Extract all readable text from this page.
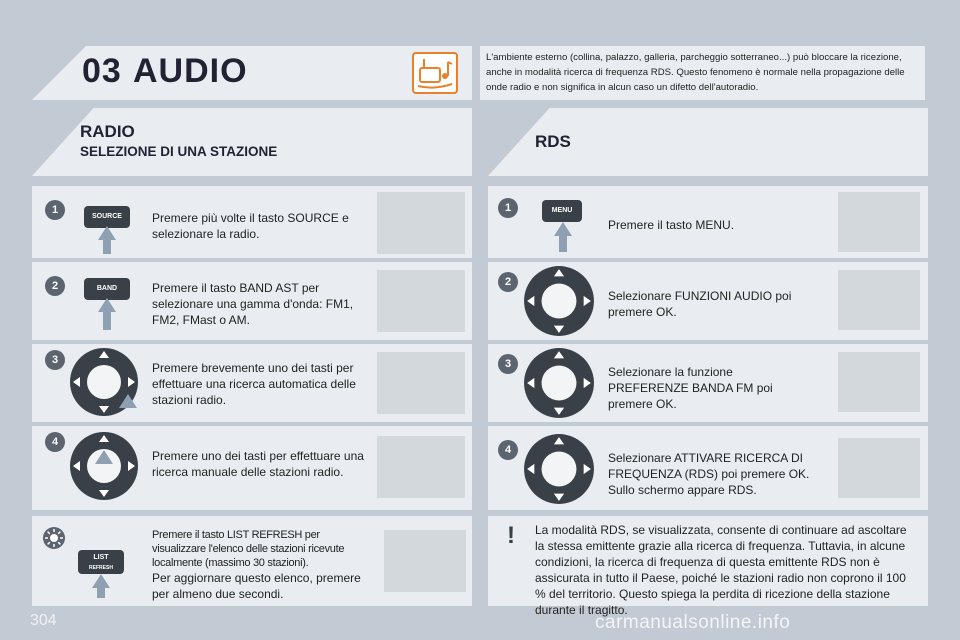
03 AUDIO	L'ambiente esterno (collina, palazzo, galleria, parcheggio sotterraneo...) può bloccare la ricezione, anche in modalità ricerca di frequenza RDS. Questo fenomeno è normale nella propagazione delle onde radio e non significa in alcun caso un difetto dell'autoradio.
RADIO
SELEZIONE DI UNA STAZIONE
RDS
1
SOURCE	Premere più volte il tasto SOURCE e selezionare la radio.
2	BAND	Premere il tasto BAND AST per selezionare una gamma d'onda: FM1, FM2, FMast o AM.
3
Premere brevemente uno dei tasti per effettuare una ricerca automatica delle stazioni radio.
4
Premere uno dei tasti per effettuare una ricerca manuale delle stazioni radio.
LIST
REFRESH
Premere il tasto LIST REFRESH per visualizzare l'elenco delle stazioni ricevute localmente (massimo 30 stazioni).
Per aggiornare questo elenco, premere per almeno due secondi.
1	MENU
Premere il tasto MENU.
2
Selezionare FUNZIONI AUDIO poi premere OK.
3
Selezionare la funzione PREFERENZE BANDA FM poi premere OK.
4
Selezionare ATTIVARE RICERCA DI FREQUENZA (RDS) poi premere OK. Sullo schermo appare RDS.
!	La modalità RDS, se visualizzata, consente di continuare ad ascoltare la stessa emittente grazie alla ricerca di frequenza. Tuttavia, in alcune condizioni, la ricerca di frequenza di questa emittente RDS non è assicurata in tutto il Paese, poiché le stazioni radio non coprono il 100 % del territorio. Questo spiega la perdita di ricezione della stazione durante il tragitto.
304	carmanualsonline.info
